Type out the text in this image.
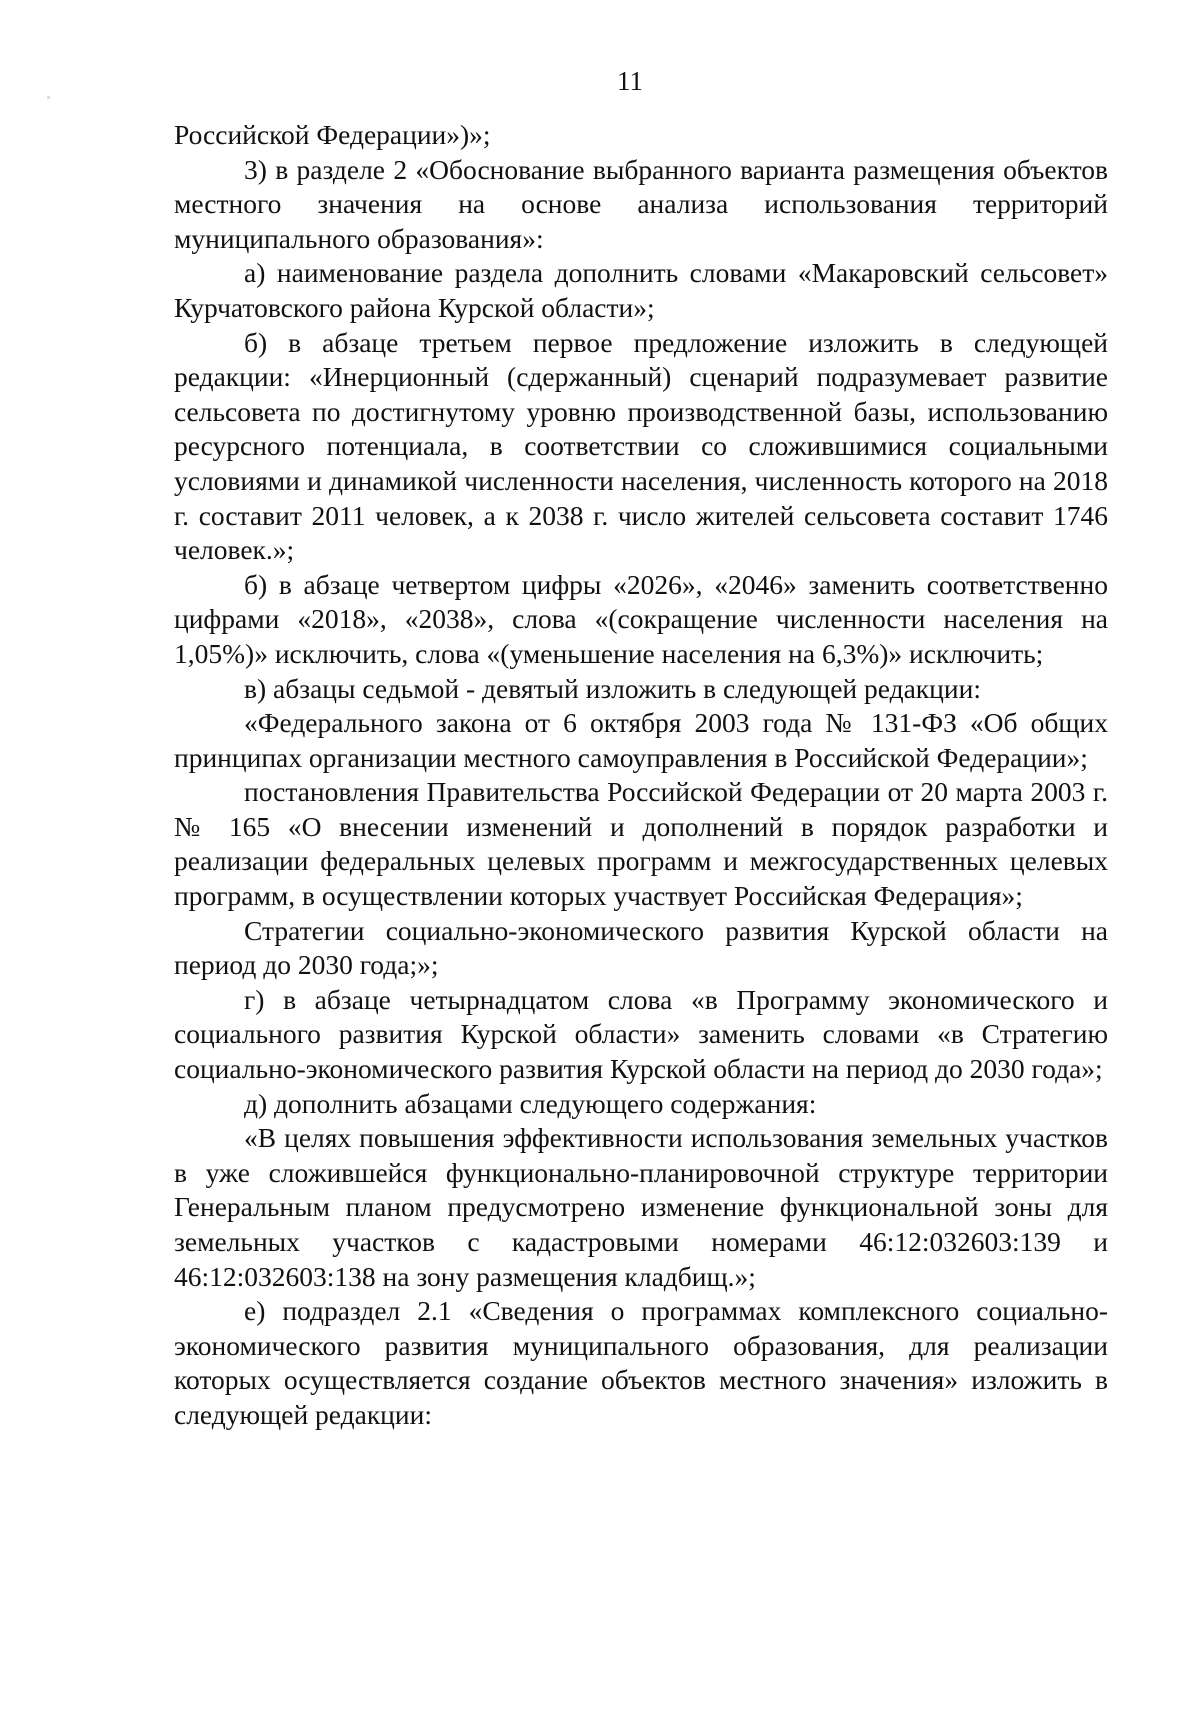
11

Российской Федерации»)»;

3) в разделе 2 «Обоснование выбранного варианта размещения объектов местного значения на основе анализа использования территорий муниципального образования»:

а) наименование раздела дополнить словами «Макаровский сельсовет» Курчатовского района Курской области»;

б) в абзаце третьем первое предложение изложить в следующей редакции: «Инерционный (сдержанный) сценарий подразумевает развитие сельсовета по достигнутому уровню производственной базы, использованию ресурсного потенциала, в соответствии со сложившимися социальными условиями и динамикой численности населения, численность которого на 2018 г. составит 2011 человек, а к 2038 г. число жителей сельсовета составит 1746 человек.»;

б) в абзаце четвертом цифры «2026», «2046» заменить соответственно цифрами «2018», «2038», слова «(сокращение численности населения на 1,05%)» исключить, слова «(уменьшение населения на 6,3%)» исключить;

в) абзацы седьмой - девятый изложить в следующей редакции:

«Федерального закона от 6 октября 2003 года № 131-ФЗ «Об общих принципах организации местного самоуправления в Российской Федерации»;

постановления Правительства Российской Федерации от 20 марта 2003 г. № 165 «О внесении изменений и дополнений в порядок разработки и реализации федеральных целевых программ и межгосударственных целевых программ, в осуществлении которых участвует Российская Федерация»;

Стратегии социально-экономического развития Курской области на период до 2030 года;»;

г) в абзаце четырнадцатом слова «в Программу экономического и социального развития Курской области» заменить словами «в Стратегию социально-экономического развития Курской области на период до 2030 года»;

д) дополнить абзацами следующего содержания:

«В целях повышения эффективности использования земельных участков в уже сложившейся функционально-планировочной структуре территории Генеральным планом предусмотрено изменение функциональной зоны для земельных участков с кадастровыми номерами 46:12:032603:139 и 46:12:032603:138 на зону размещения кладбищ.»;

е) подраздел 2.1 «Сведения о программах комплексного социально-экономического развития муниципального образования, для реализации которых осуществляется создание объектов местного значения» изложить в следующей редакции:
